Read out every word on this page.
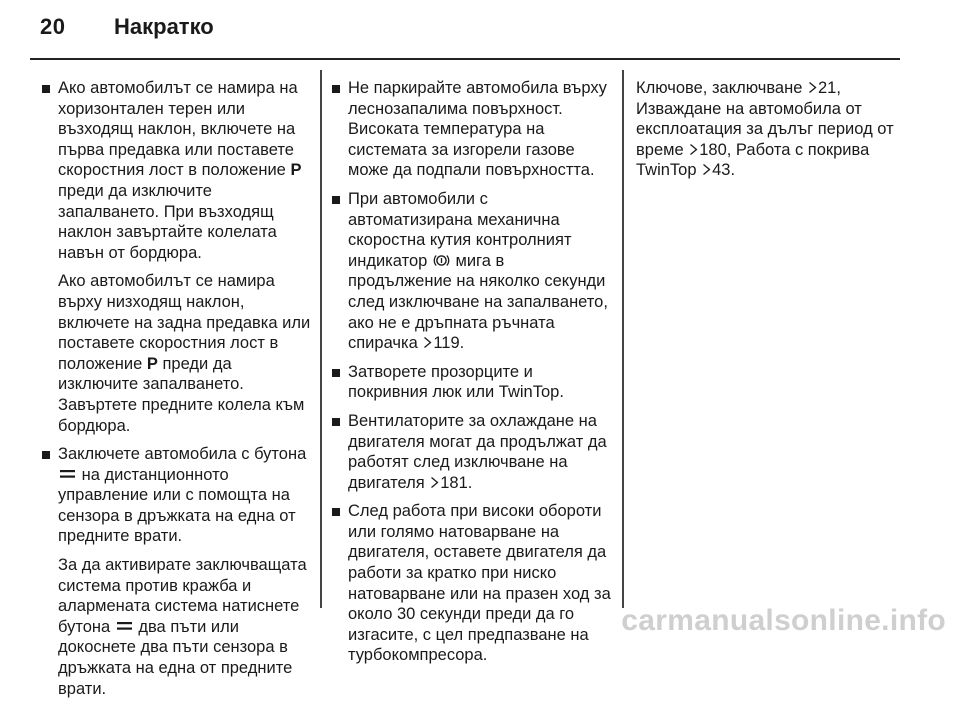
20 Накратко

Ако автомобилът се намира на хоризонтален терен или възходящ наклон, включете на първа предавка или поставете скоростния лост в положение P преди да изключите запалването. При възходящ наклон завъртайте колелата навън от бордюра.

Ако автомобилът се намира върху низходящ наклон, включете на задна предавка или поставете скоростния лост в положение P преди да изключите запалването. Завъртете предните колела към бордюра.

Заключете автомобила с бутона  на дистанционното управление или с помощта на сензора в дръжката на една от предните врати.

За да активирате заключващата система против кражба и алармената система натиснете бутона  два пъти или докоснете два пъти сензора в дръжката на една от предните врати.

Не паркирайте автомобила върху леснозапалима повърхност. Високата температура на системата за изгорели газове може да подпали повърхността.

При автомобили с автоматизирана механична скоростна кутия контролният индикатор  мига в продължение на няколко секунди след изключване на запалването, ако не е дръпната ръчната спирачка 119.

Затворете прозорците и покривния люк или TwinTop.

Вентилаторите за охлаждане на двигателя могат да продължат да работят след изключване на двигателя 181.

След работа при високи обороти или голямо натоварване на двигателя, оставете двигателя да работи за кратко при ниско натоварване или на празен ход за около 30 секунди преди да го изгасите, с цел предпазване на турбокомпресора.

Ключове, заключване 21, Изваждане на автомобила от експлоатация за дълъг период от време 180, Работа с покрива TwinTop 43.

carmanualsonline.info
